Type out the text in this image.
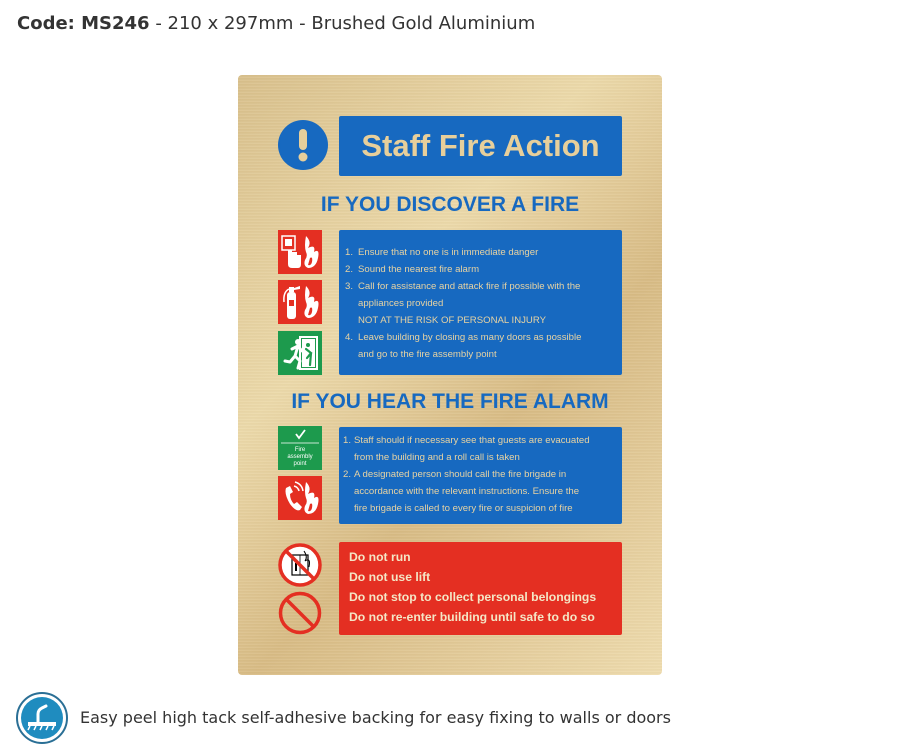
Code: MS246 - 210 x 297mm - Brushed Gold Aluminium
Staff Fire Action
IF YOU DISCOVER A FIRE
1. Ensure that no one is in immediate danger
2. Sound the nearest fire alarm
3. Call for assistance and attack fire if possible with the
appliances provided
NOT AT THE RISK OF PERSONAL INJURY
4. Leave building by closing as many doors as possible
and go to the fire assembly point
IF YOU HEAR THE FIRE ALARM
Fire
assembly
point
1. Staff should if necessary see that guests are evacuated
from the building and a roll call is taken
2. A designated person should call the fire brigade in
accordance with the relevant instructions. Ensure the
fire brigade is called to every fire or suspicion of fire
Do not run
Do not use lift
Do not stop to collect personal belongings
Do not re-enter building until safe to do so
Easy peel high tack self-adhesive backing for easy fixing to walls or doors
